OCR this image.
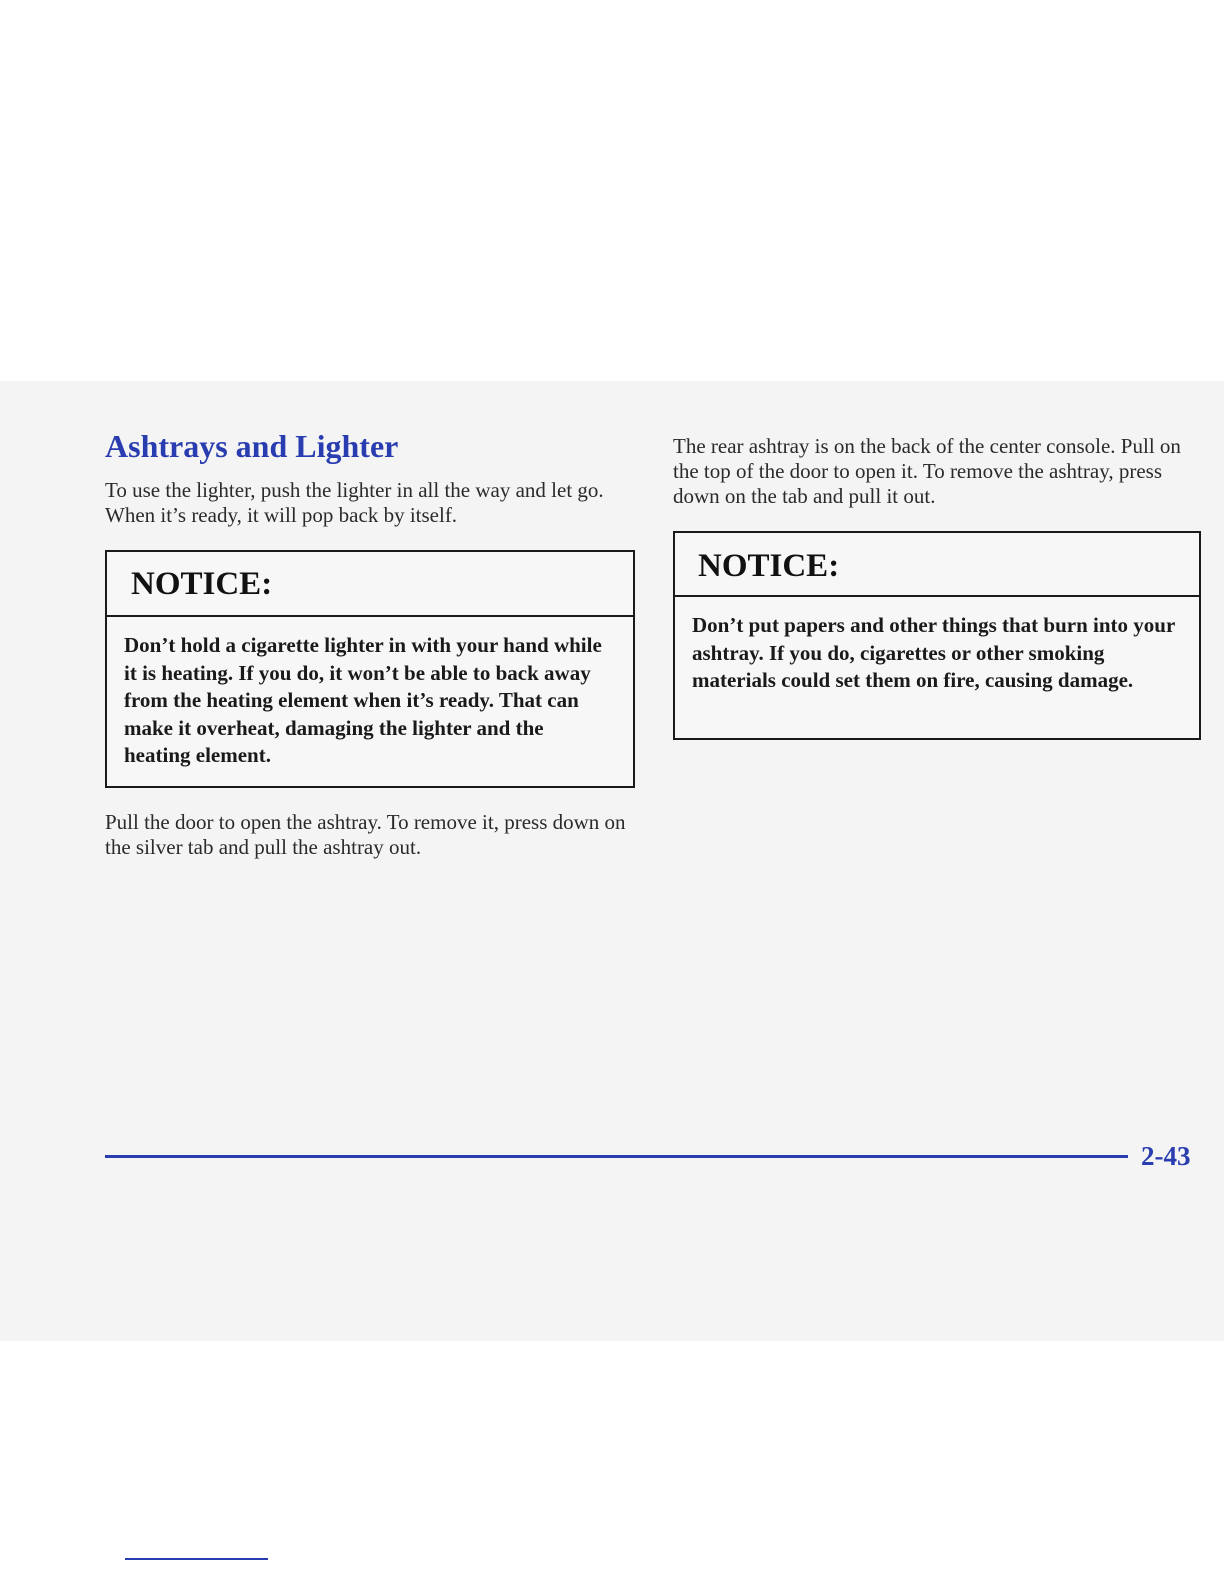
Ashtrays and Lighter

To use the lighter, push the lighter in all the way and let go. When it’s ready, it will pop back by itself.

NOTICE:
Don’t hold a cigarette lighter in with your hand while it is heating. If you do, it won’t be able to back away from the heating element when it’s ready. That can make it overheat, damaging the lighter and the heating element.

Pull the door to open the ashtray. To remove it, press down on the silver tab and pull the ashtray out.

The rear ashtray is on the back of the center console. Pull on the top of the door to open it. To remove the ashtray, press down on the tab and pull it out.

NOTICE:
Don’t put papers and other things that burn into your ashtray. If you do, cigarettes or other smoking materials could set them on fire, causing damage.
2-43
